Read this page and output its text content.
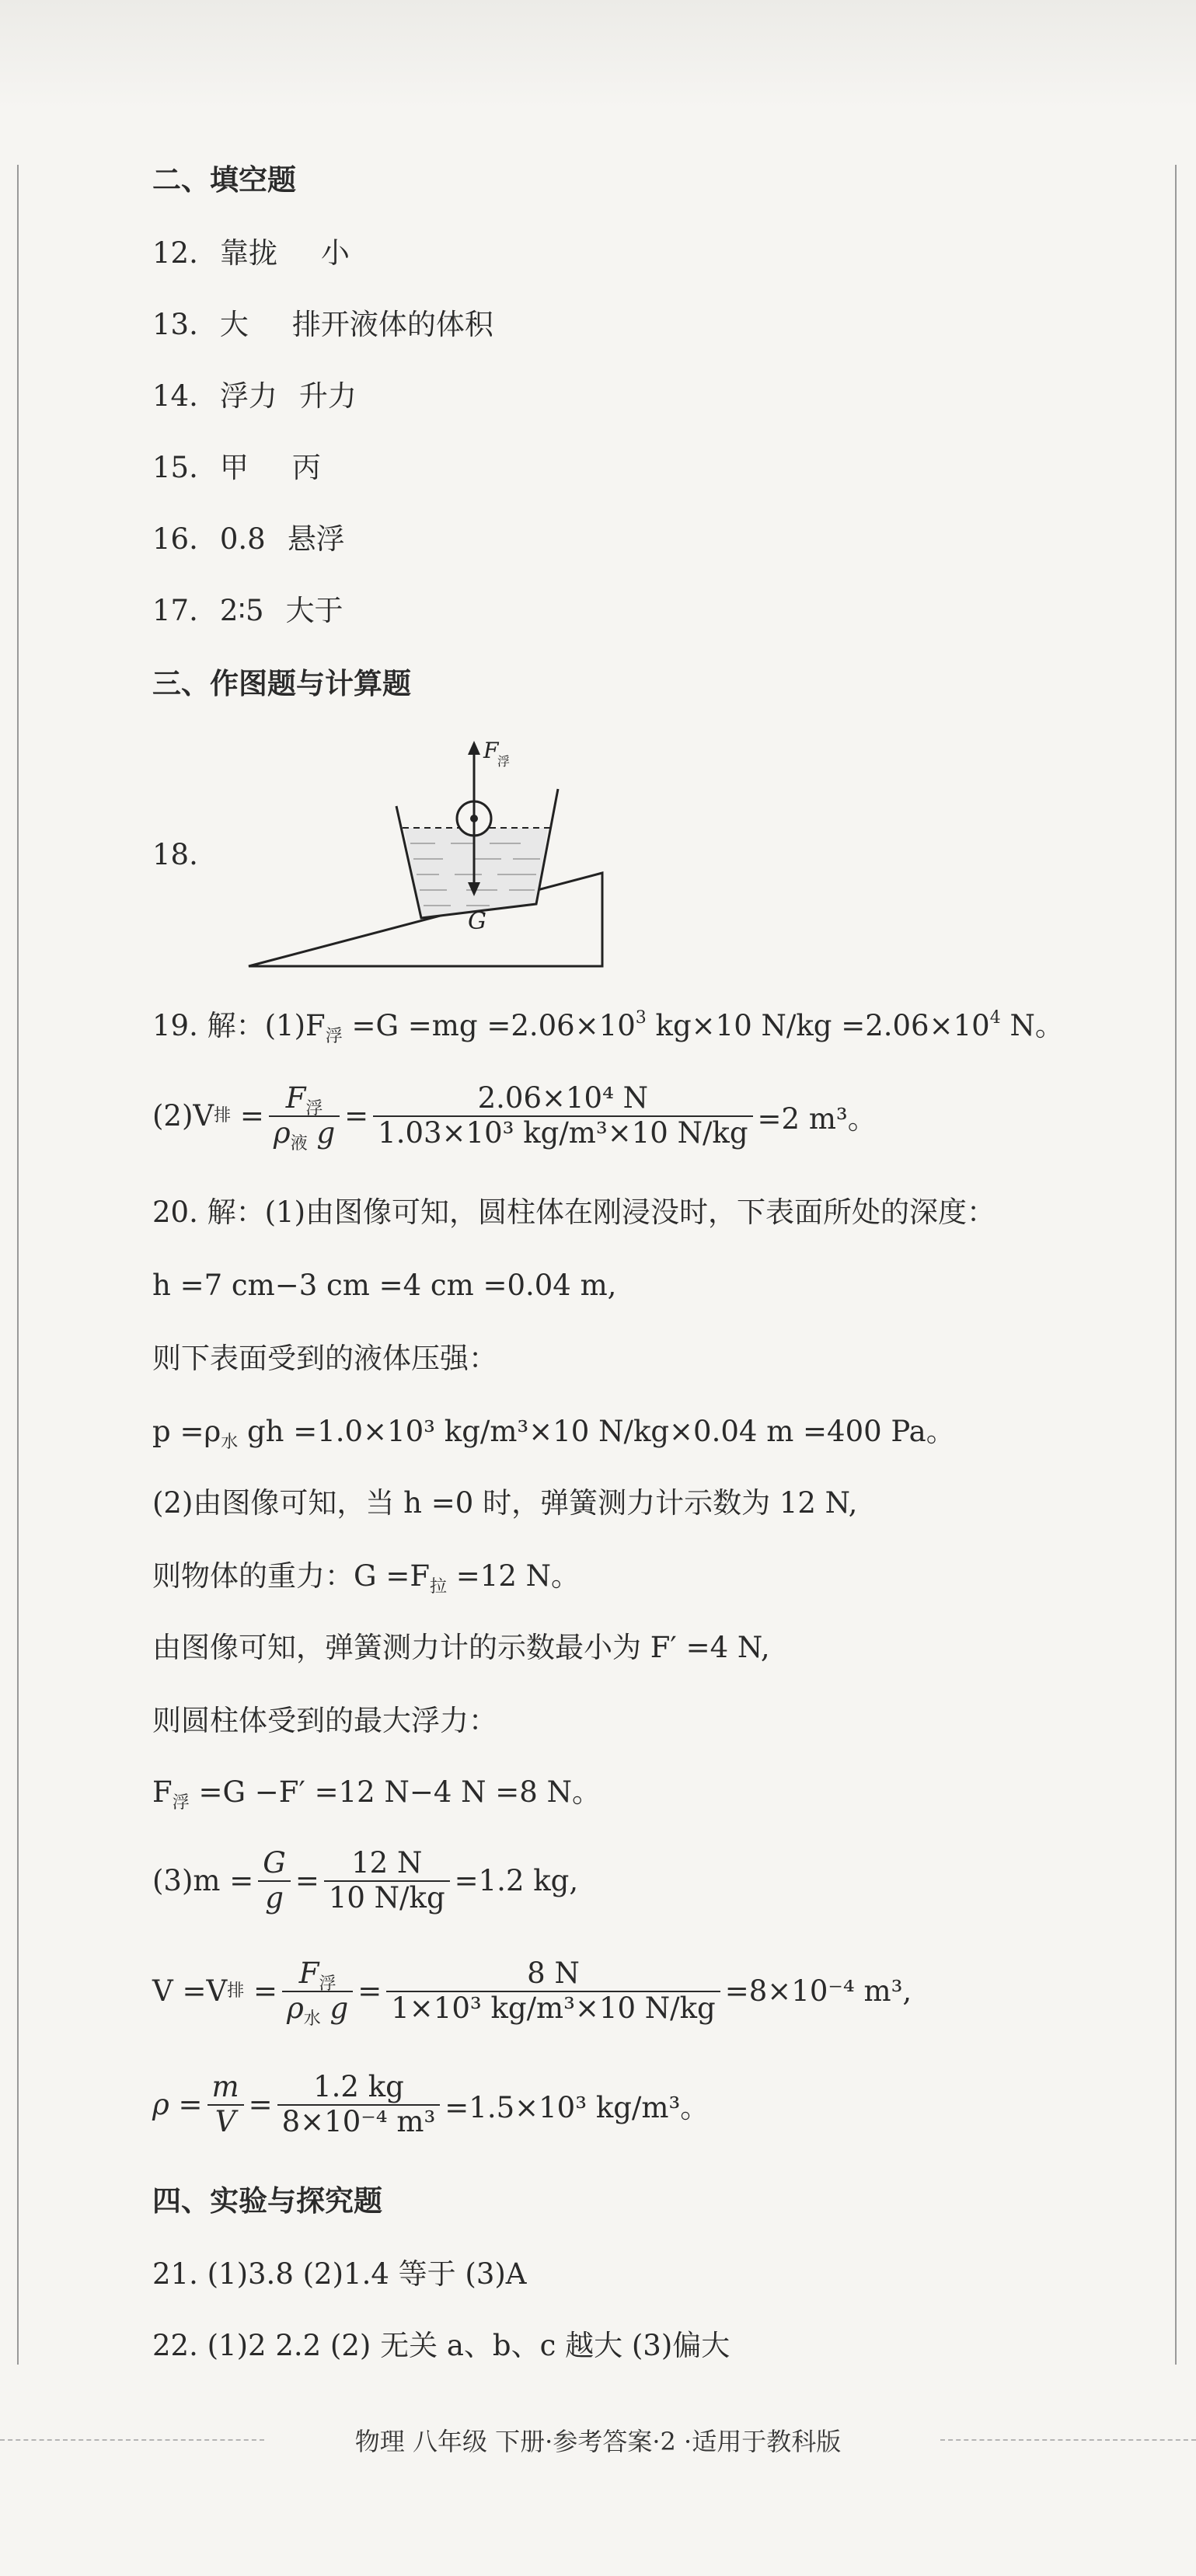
二、填空题
12. 靠拢 小
13. 大 排开液体的体积
14. 浮力 升力
15. 甲 丙
16. 0.8 悬浮
17. 2∶5 大于
三、作图题与计算题
18.
F
浮
G
19. 解：$(1)F_浮 =G =mg =2.06\times 10^3$ kg×10 $N/kg =2.06\times 10^4$ N。
(2)V 排 = $\frac{F_浮}{\rho_液 g} = \frac{\text{2.06×10⁴ N}}{\text{1.03×10³ kg/m³×10 N/kg}} =2$ m³。
20. 解：(1)由图像可知，圆柱体在刚浸没时，下表面所处的深度：
h =7 cm−3 cm =4 cm =0.04 m,
则下表面受到的液体压强：
$p =\rho_水$ gh =1.0×10³ kg/m³×10 N/kg×0.04 m =400 Pa。
(2)由图像可知，当 h =0 时，弹簧测力计示数为 12 N,
则物体的重力：$G =F_拉 =12$ N。
由图像可知，弹簧测力计的示数最小为 F′ =4 N,
则圆柱体受到的最大浮力：
$F_浮 =G -F' =12$ N−4 N =8 N。
$(3)m = \frac{G}{g} = \frac{12 N}{10 N/kg} =1.2$ kg,
V =V 排 = $\frac{F_浮}{\rho_水 g} = \frac{8 N}{\text{1×10³ kg/m³×10 N/kg}} =8\times 10^{-4}$ m³,
$\rho = \frac{m}{V} = \frac{1.2 kg}{\text{8×10⁻⁴ m³}} =1.5\times 10^3$ kg/m³。
四、实验与探究题
21. (1)3.8 (2)1.4 等于 (3)A
22. (1)2 2.2 (2) 无关 a、b、c 越大 (3)偏大
物理 八年级 下册·参考答案·2 ·适用于教科版
